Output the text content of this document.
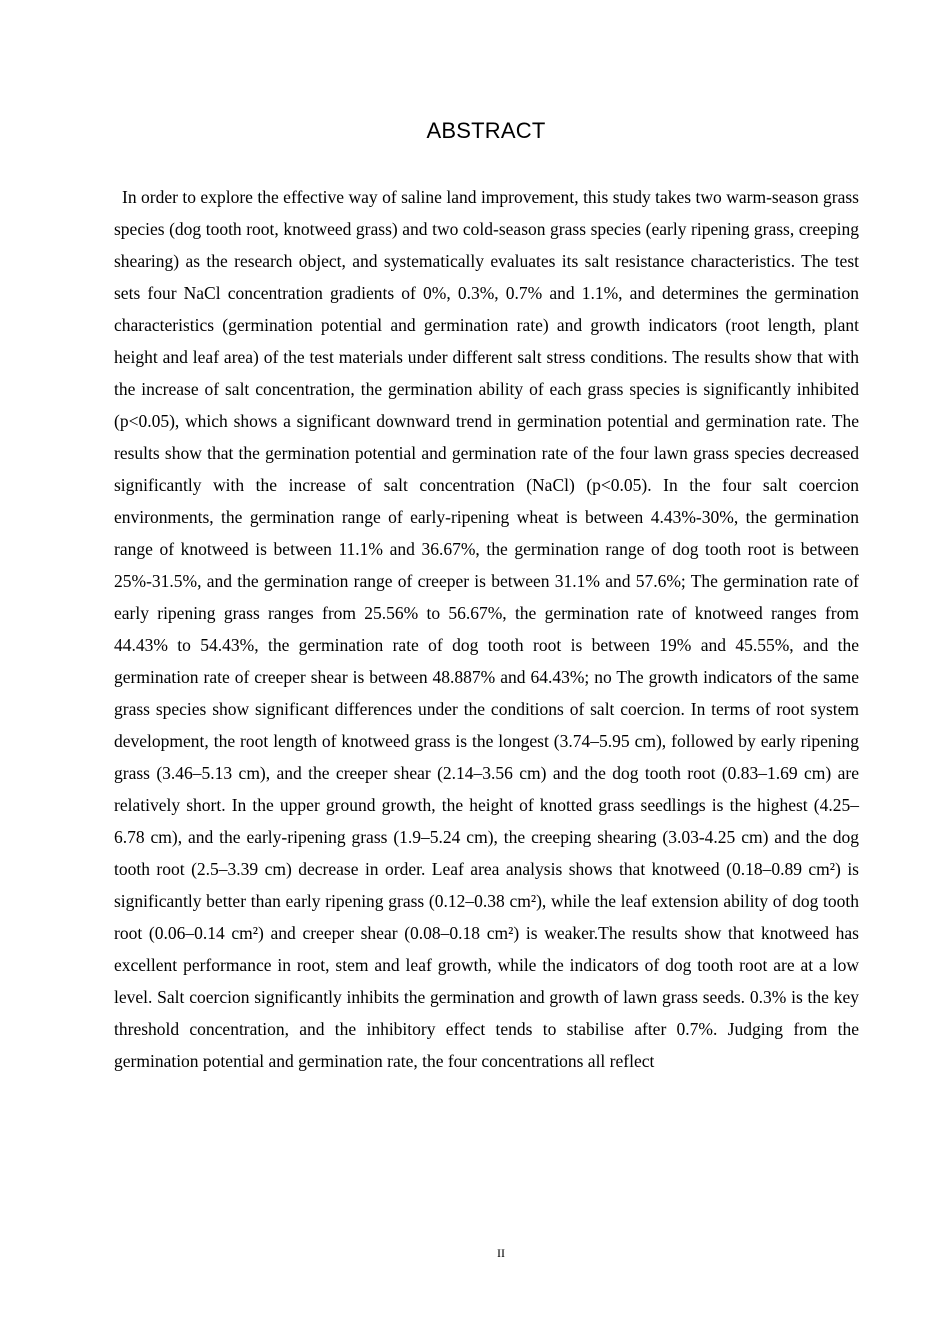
ABSTRACT

In order to explore the effective way of saline land improvement, this study takes two warm-season grass species (dog tooth root, knotweed grass) and two cold-season grass species (early ripening grass, creeping shearing) as the research object, and systematically evaluates its salt resistance characteristics. The test sets four NaCl concentration gradients of 0%, 0.3%, 0.7% and 1.1%, and determines the germination characteristics (germination potential and germination rate) and growth indicators (root length, plant height and leaf area) of the test materials under different salt stress conditions. The results show that with the increase of salt concentration, the germination ability of each grass species is significantly inhibited (p<0.05), which shows a significant downward trend in germination potential and germination rate. The results show that the germination potential and germination rate of the four lawn grass species decreased significantly with the increase of salt concentration (NaCl) (p<0.05). In the four salt coercion environments, the germination range of early-ripening wheat is between 4.43%-30%, the germination range of knotweed is between 11.1% and 36.67%, the germination range of dog tooth root is between 25%-31.5%, and the germination range of creeper is between 31.1% and 57.6%; The germination rate of early ripening grass ranges from 25.56% to 56.67%, the germination rate of knotweed ranges from 44.43% to 54.43%, the germination rate of dog tooth root is between 19% and 45.55%, and the germination rate of creeper shear is between 48.887% and 64.43%; no The growth indicators of the same grass species show significant differences under the conditions of salt coercion. In terms of root system development, the root length of knotweed grass is the longest (3.74–5.95 cm), followed by early ripening grass (3.46–5.13 cm), and the creeper shear (2.14–3.56 cm) and the dog tooth root (0.83–1.69 cm) are relatively short. In the upper ground growth, the height of knotted grass seedlings is the highest (4.25–6.78 cm), and the early-ripening grass (1.9–5.24 cm), the creeping shearing (3.03-4.25 cm) and the dog tooth root (2.5–3.39 cm) decrease in order. Leaf area analysis shows that knotweed (0.18–0.89 cm²) is significantly better than early ripening grass (0.12–0.38 cm²), while the leaf extension ability of dog tooth root (0.06–0.14 cm²) and creeper shear (0.08–0.18 cm²) is weaker.The results show that knotweed has excellent performance in root, stem and leaf growth, while the indicators of dog tooth root are at a low level. Salt coercion significantly inhibits the germination and growth of lawn grass seeds. 0.3% is the key threshold concentration, and the inhibitory effect tends to stabilise after 0.7%. Judging from the germination potential and germination rate, the four concentrations all reflect

II
